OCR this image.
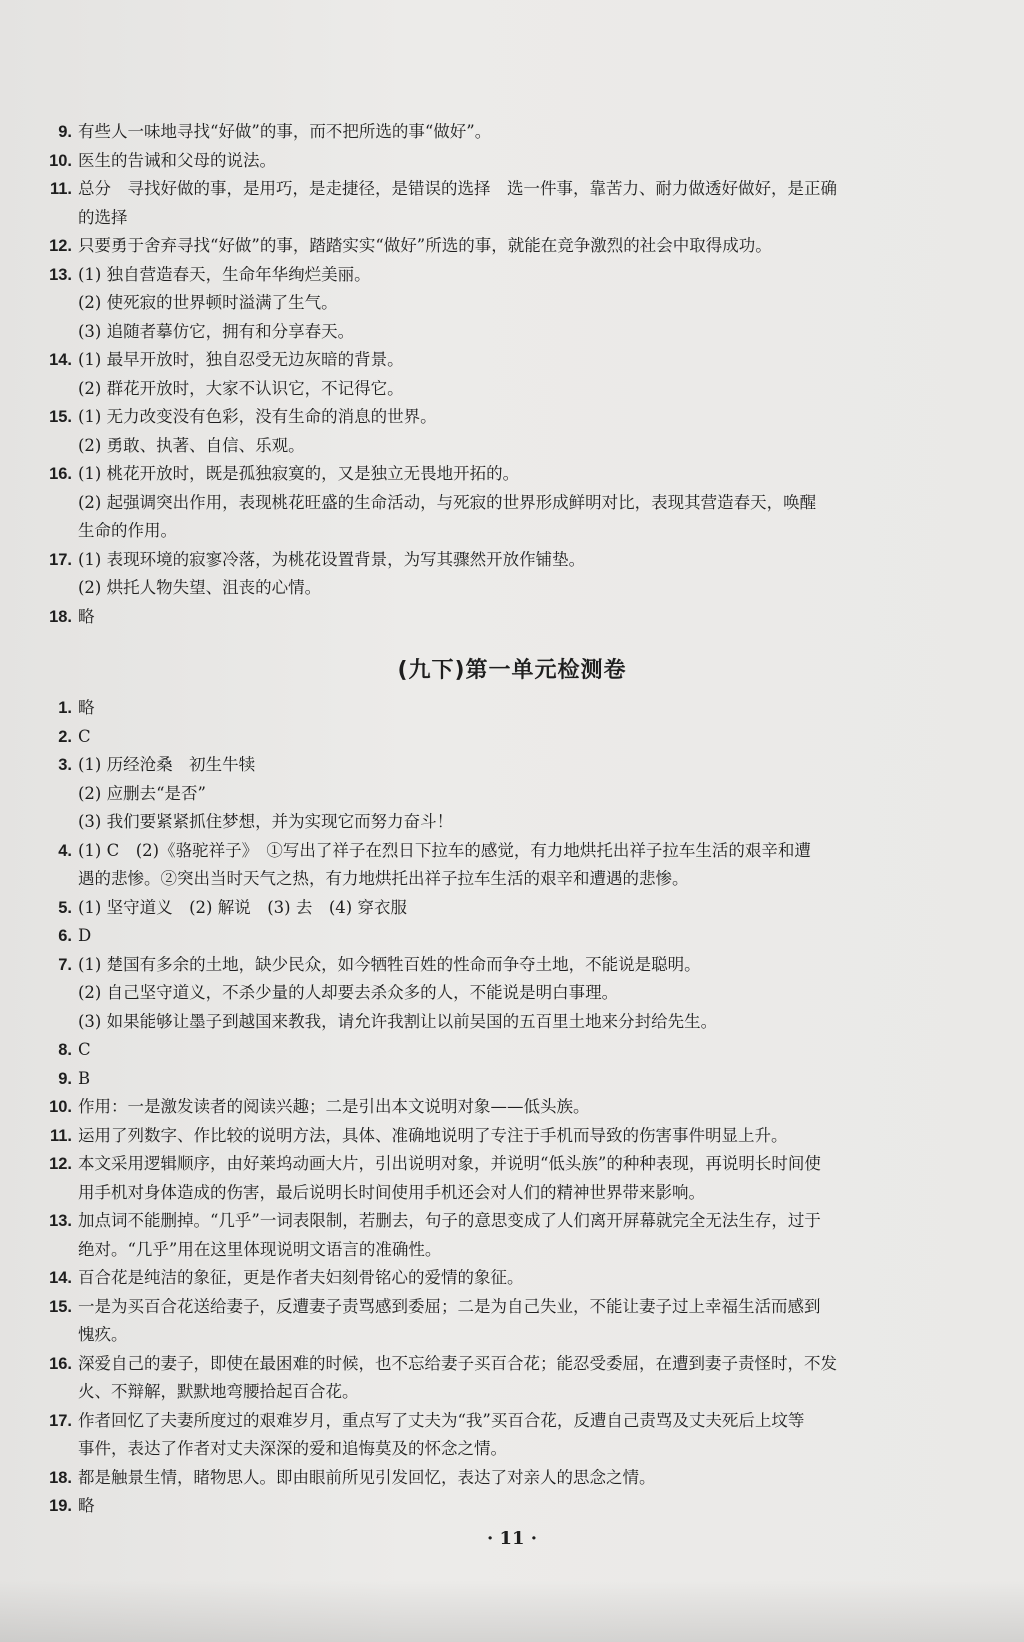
9. 有些人一味地寻找“好做”的事，而不把所选的事“做好”。
10. 医生的告诫和父母的说法。
11. 总分　寻找好做的事，是用巧，是走捷径，是错误的选择　选一件事，靠苦力、耐力做透好做好，是正确
的选择
12. 只要勇于舍弃寻找“好做”的事，踏踏实实“做好”所选的事，就能在竞争激烈的社会中取得成功。
13. (1) 独自营造春天，生命年华绚烂美丽。
(2) 使死寂的世界顿时溢满了生气。
(3) 追随者摹仿它，拥有和分享春天。
14. (1) 最早开放时，独自忍受无边灰暗的背景。
(2) 群花开放时，大家不认识它，不记得它。
15. (1) 无力改变没有色彩，没有生命的消息的世界。
(2) 勇敢、执著、自信、乐观。
16. (1) 桃花开放时，既是孤独寂寞的，又是独立无畏地开拓的。
(2) 起强调突出作用，表现桃花旺盛的生命活动，与死寂的世界形成鲜明对比，表现其营造春天，唤醒
生命的作用。
17. (1) 表现环境的寂寥冷落，为桃花设置背景，为写其骤然开放作铺垫。
(2) 烘托人物失望、沮丧的心情。
18. 略
(九下)第一单元检测卷
1. 略
2. C
3. (1) 历经沧桑　初生牛犊
(2) 应删去“是否”
(3) 我们要紧紧抓住梦想，并为实现它而努力奋斗！
4. (1) C　(2)《骆驼祥子》　①写出了祥子在烈日下拉车的感觉，有力地烘托出祥子拉车生活的艰辛和遭
遇的悲惨。②突出当时天气之热，有力地烘托出祥子拉车生活的艰辛和遭遇的悲惨。
5. (1) 坚守道义　(2) 解说　(3) 去　(4) 穿衣服
6. D
7. (1) 楚国有多余的土地，缺少民众，如今牺牲百姓的性命而争夺土地，不能说是聪明。
(2) 自己坚守道义，不杀少量的人却要去杀众多的人，不能说是明白事理。
(3) 如果能够让墨子到越国来教我，请允许我割让以前吴国的五百里土地来分封给先生。
8. C
9. B
10. 作用：一是激发读者的阅读兴趣；二是引出本文说明对象——低头族。
11. 运用了列数字、作比较的说明方法，具体、准确地说明了专注于手机而导致的伤害事件明显上升。
12. 本文采用逻辑顺序，由好莱坞动画大片，引出说明对象，并说明“低头族”的种种表现，再说明长时间使
用手机对身体造成的伤害，最后说明长时间使用手机还会对人们的精神世界带来影响。
13. 加点词不能删掉。“几乎”一词表限制，若删去，句子的意思变成了人们离开屏幕就完全无法生存，过于
绝对。“几乎”用在这里体现说明文语言的准确性。
14. 百合花是纯洁的象征，更是作者夫妇刻骨铭心的爱情的象征。
15. 一是为买百合花送给妻子，反遭妻子责骂感到委屈；二是为自己失业，不能让妻子过上幸福生活而感到
愧疚。
16. 深爱自己的妻子，即使在最困难的时候，也不忘给妻子买百合花；能忍受委屈，在遭到妻子责怪时，不发
火、不辩解，默默地弯腰拾起百合花。
17. 作者回忆了夫妻所度过的艰难岁月，重点写了丈夫为“我”买百合花，反遭自己责骂及丈夫死后上坟等
事件，表达了作者对丈夫深深的爱和追悔莫及的怀念之情。
18. 都是触景生情，睹物思人。即由眼前所见引发回忆，表达了对亲人的思念之情。
19. 略
· 11 ·
